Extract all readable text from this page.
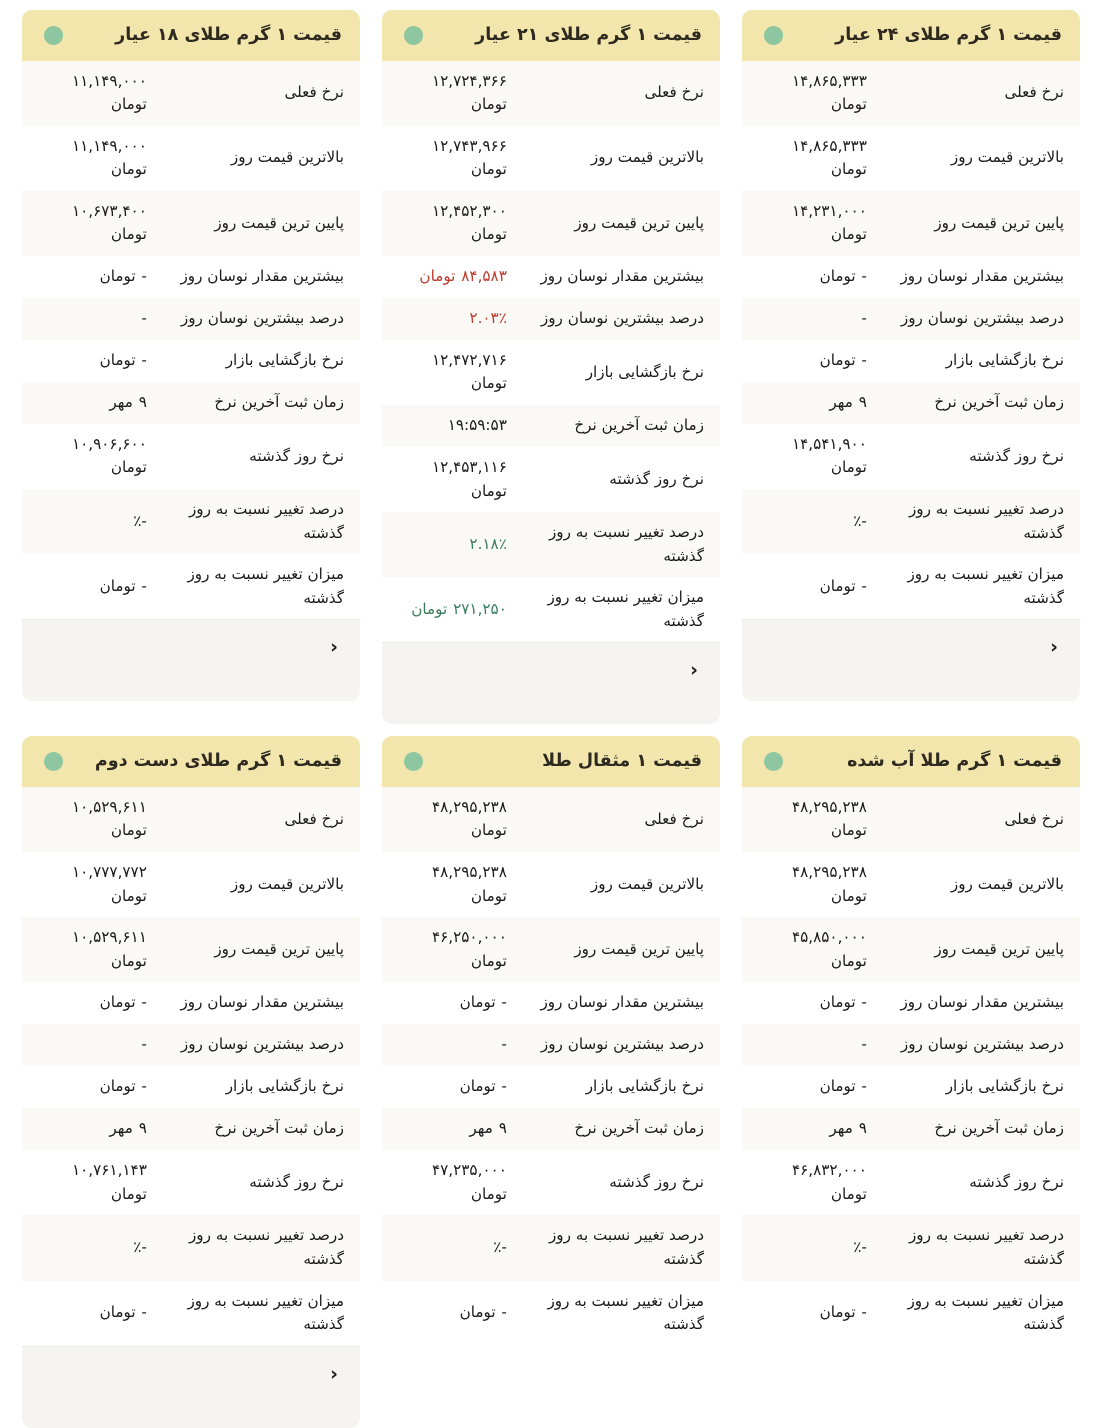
قیمت ۱ گرم طلای ۲۴ عیار
نرخ فعلی
۱۴,۸۶۵,۳۳۳ تومان
بالاترین قیمت روز
۱۴,۸۶۵,۳۳۳ تومان
پایین ترین قیمت روز
۱۴,۲۳۱,۰۰۰ تومان
بیشترین مقدار نوسان روز
- تومان
درصد بیشترین نوسان روز
-
نرخ بازگشایی بازار
- تومان
زمان ثبت آخرین نرخ
۹ مهر
نرخ روز گذشته
۱۴,۵۴۱,۹۰۰ تومان
درصد تغییر نسبت به روز گذشته
-٪
میزان تغییر نسبت به روز گذشته
- تومان
‹
قیمت ۱ گرم طلای ۲۱ عیار
نرخ فعلی
۱۲,۷۲۴,۳۶۶ تومان
بالاترین قیمت روز
۱۲,۷۴۳,۹۶۶ تومان
پایین ترین قیمت روز
۱۲,۴۵۲,۳۰۰ تومان
بیشترین مقدار نوسان روز
۸۴,۵۸۳ تومان
درصد بیشترین نوسان روز
۲.۰۳٪
نرخ بازگشایی بازار
۱۲,۴۷۲,۷۱۶ تومان
زمان ثبت آخرین نرخ
۱۹:۵۹:۵۳
نرخ روز گذشته
۱۲,۴۵۳,۱۱۶ تومان
درصد تغییر نسبت به روز گذشته
۲.۱۸٪
میزان تغییر نسبت به روز گذشته
۲۷۱,۲۵۰ تومان
‹
قیمت ۱ گرم طلای ۱۸ عیار
نرخ فعلی
۱۱,۱۴۹,۰۰۰ تومان
بالاترین قیمت روز
۱۱,۱۴۹,۰۰۰ تومان
پایین ترین قیمت روز
۱۰,۶۷۳,۴۰۰ تومان
بیشترین مقدار نوسان روز
- تومان
درصد بیشترین نوسان روز
-
نرخ بازگشایی بازار
- تومان
زمان ثبت آخرین نرخ
۹ مهر
نرخ روز گذشته
۱۰,۹۰۶,۶۰۰ تومان
درصد تغییر نسبت به روز گذشته
-٪
میزان تغییر نسبت به روز گذشته
- تومان
‹
قیمت ۱ گرم طلا آب شده
نرخ فعلی
۴۸,۲۹۵,۲۳۸ تومان
بالاترین قیمت روز
۴۸,۲۹۵,۲۳۸ تومان
پایین ترین قیمت روز
۴۵,۸۵۰,۰۰۰ تومان
بیشترین مقدار نوسان روز
- تومان
درصد بیشترین نوسان روز
-
نرخ بازگشایی بازار
- تومان
زمان ثبت آخرین نرخ
۹ مهر
نرخ روز گذشته
۴۶,۸۳۲,۰۰۰ تومان
درصد تغییر نسبت به روز گذشته
-٪
میزان تغییر نسبت به روز گذشته
- تومان
قیمت ۱ مثقال طلا
نرخ فعلی
۴۸,۲۹۵,۲۳۸ تومان
بالاترین قیمت روز
۴۸,۲۹۵,۲۳۸ تومان
پایین ترین قیمت روز
۴۶,۲۵۰,۰۰۰ تومان
بیشترین مقدار نوسان روز
- تومان
درصد بیشترین نوسان روز
-
نرخ بازگشایی بازار
- تومان
زمان ثبت آخرین نرخ
۹ مهر
نرخ روز گذشته
۴۷,۲۳۵,۰۰۰ تومان
درصد تغییر نسبت به روز گذشته
-٪
میزان تغییر نسبت به روز گذشته
- تومان
قیمت ۱ گرم طلای دست دوم
نرخ فعلی
۱۰,۵۲۹,۶۱۱ تومان
بالاترین قیمت روز
۱۰,۷۷۷,۷۷۲ تومان
پایین ترین قیمت روز
۱۰,۵۲۹,۶۱۱ تومان
بیشترین مقدار نوسان روز
- تومان
درصد بیشترین نوسان روز
-
نرخ بازگشایی بازار
- تومان
زمان ثبت آخرین نرخ
۹ مهر
نرخ روز گذشته
۱۰,۷۶۱,۱۴۳ تومان
درصد تغییر نسبت به روز گذشته
-٪
میزان تغییر نسبت به روز گذشته
- تومان
‹
